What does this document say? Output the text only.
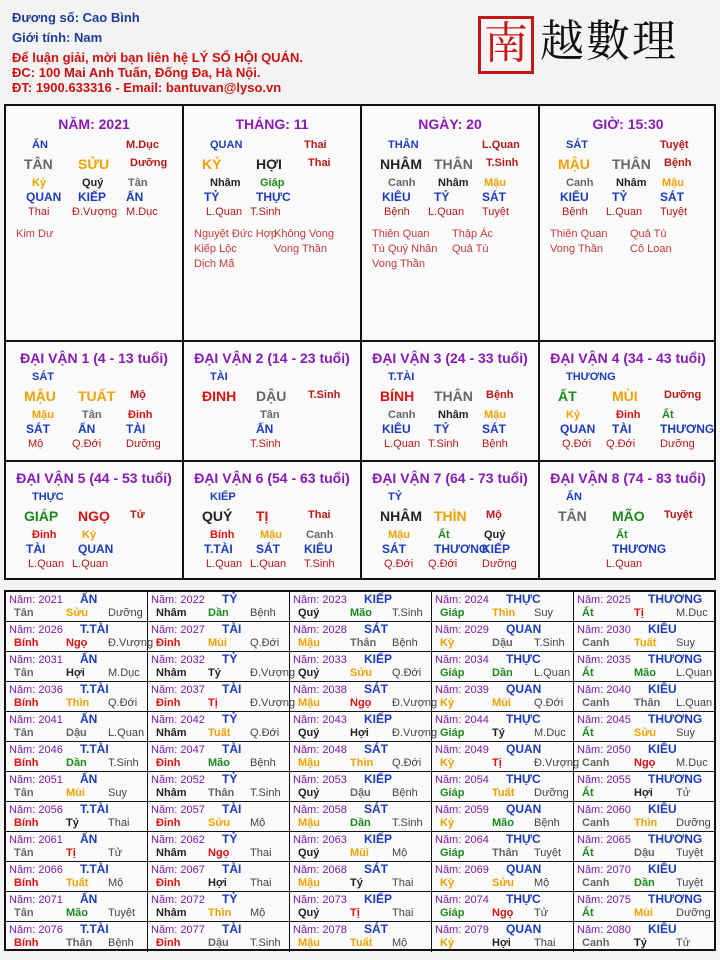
Đương số: Cao Bình
Giới tính: Nam
Để luận giải, mời bạn liên hệ LÝ SỐ HỘI QUÁN.
ĐC: 100 Mai Anh Tuấn, Đống Đa, Hà Nội.
ĐT: 1900.633316 - Email: bantuvan@lyso.vn
南 越數理
NĂM: 2021
ẤN	M.Dục
TÂN SỬU Dưỡng
Kỷ	Quý Tân
QUAN KIẾP ẤN
Thai Đ.Vượng M.Dục
Kim Dư
THÁNG: 11
QUAN	Thai
KỶ HỢI Thai
Nhâm Giáp
TỶ	THỰC
L.Quan T.Sinh
Nguyệt Đức Hợp
Không Vong
Kiếp Lộc	Vong Thần
Dịch Mã
NGÀY: 20
THÂN	L.Quan
NHÂM THÂN T.Sinh
Canh Nhâm Mậu
KIÊU TỶ	SÁT
Bệnh L.Quan Tuyệt
Thiên Quan Thập Ác
Tú Quý Nhân Quả Tú
Vong Thần
GIỜ: 15:30
SÁT	Tuyệt
MẬU THÂN Bệnh
Canh Nhâm Mậu
KIÊU TỶ	SÁT
Bệnh L.Quan Tuyệt
Thiên Quan Quả Tú
Vong Thần Cô Loan
ĐẠI VẬN 1 (4 - 13 tuổi)
SÁT
MẬU TUẤT Mộ
Mậu	Tân Đinh
SÁT ẤN	TÀI
Mộ	Q.Đới Dưỡng
ĐẠI VẬN 2 (14 - 23 tuổi)
TÀI
ĐINH DẬU T.Sinh
Tân
ẤN
T.Sinh
ĐẠI VẬN 3 (24 - 33 tuổi)
T.TÀI
BÍNH THÂN Bệnh
Canh Nhâm Mậu
KIÊU TỶ	SÁT
L.Quan T.Sinh Bệnh
ĐẠI VẬN 4 (34 - 43 tuổi)
THƯƠNG
ẤT	MÙI Dưỡng
Kỷ	Đinh Ất
QUAN TÀI THƯƠNG
Q.Đới Q.Đới Dưỡng
ĐẠI VẬN 5 (44 - 53 tuổi)
THỰC
GIÁP NGỌ Tử
Đinh Kỷ
TÀI	QUAN
L.Quan L.Quan
ĐẠI VẬN 6 (54 - 63 tuổi)
KIẾP
QUÝ TỊ	Thai
Bính Mậu Canh
T.TÀI SÁT KIÊU
L.Quan L.Quan T.Sinh
ĐẠI VẬN 7 (64 - 73 tuổi)
TỶ
NHÂM THÌN Mộ
Mậu	Ất	Quý
SÁT THƯƠNG
KIẾP
Q.Đới Q.Đới Dưỡng
ĐẠI VẬN 8 (74 - 83 tuổi)
ẤN
TÂN MÃO Tuyệt
Ất
THƯƠNG
L.Quan
Năm: 2021 ẤN
Tân	Sửu Dưỡng
Năm: 2022 TỶ
Nhâm Dần Bệnh
Năm: 2023 KIẾP
Quý	Mão T.Sinh
Năm: 2024 THỰC
Giáp	Thìn Suy
Năm: 2025 THƯƠNG
Ất	Tị	M.Dục
Năm: 2026 T.TÀI
Bính	Ngọ Đ.Vượng
Năm: 2027 TÀI
Đinh	Mùi Q.Đới
Năm: 2028 SÁT
Mậu	Thân Bệnh
Năm: 2029 QUAN
Kỷ	Dậu T.Sinh
Năm: 2030 KIÊU
Canh Tuất Suy
Năm: 2031 ẤN
Tân	Hợi M.Dục
Năm: 2032 TỶ
Nhâm Tý	Đ.Vượng
Năm: 2033 KIẾP
Quý	Sửu Q.Đới
Năm: 2034 THỰC
Giáp	Dần L.Quan
Năm: 2035 THƯƠNG
Ất	Mão L.Quan
Năm: 2036 T.TÀI
Bính	Thìn Q.Đới
Năm: 2037 TÀI
Đinh	Tị	Đ.Vượng
Năm: 2038 SÁT
Mậu	Ngọ Đ.Vượng
Năm: 2039 QUAN
Kỷ	Mùi Q.Đới
Năm: 2040 KIÊU
Canh Thân L.Quan
Năm: 2041 ẤN
Tân	Dậu L.Quan
Năm: 2042 TỶ
Nhâm Tuất Q.Đới
Năm: 2043 KIẾP
Quý	Hợi Đ.Vượng
Năm: 2044 THỰC
Giáp	Tý	M.Dục
Năm: 2045 THƯƠNG
Ất	Sửu Suy
Năm: 2046 T.TÀI
Bính	Dần T.Sinh
Năm: 2047 TÀI
Đinh	Mão Bệnh
Năm: 2048 SÁT
Mậu	Thìn Q.Đới
Năm: 2049 QUAN
Kỷ	Tị	Đ.Vượng
Năm: 2050 KIÊU
Canh Ngọ M.Dục
Năm: 2051 ẤN
Tân	Mùi Suy
Năm: 2052 TỶ
Nhâm Thân T.Sinh
Năm: 2053 KIẾP
Quý	Dậu Bệnh
Năm: 2054 THỰC
Giáp	Tuất Dưỡng
Năm: 2055 THƯƠNG
Ất	Hợi Tử
Năm: 2056 T.TÀI
Bính	Tý	Thai
Năm: 2057 TÀI
Đinh	Sửu Mộ
Năm: 2058 SÁT
Mậu	Dần T.Sinh
Năm: 2059 QUAN
Kỷ	Mão Bệnh
Năm: 2060 KIÊU
Canh Thìn Dưỡng
Năm: 2061 ẤN
Tân	Tị	Tử
Năm: 2062 TỶ
Nhâm Ngọ Thai
Năm: 2063 KIẾP
Quý	Mùi Mộ
Năm: 2064 THỰC
Giáp	Thân Tuyệt
Năm: 2065 THƯƠNG
Ất	Dậu Tuyệt
Năm: 2066 T.TÀI
Bính	Tuất Mộ
Năm: 2067 TÀI
Đinh	Hợi Thai
Năm: 2068 SÁT
Mậu	Tý	Thai
Năm: 2069 QUAN
Kỷ	Sửu Mộ
Năm: 2070 KIÊU
Canh Dần Tuyệt
Năm: 2071 ẤN
Tân	Mão Tuyệt
Năm: 2072 TỶ
Nhâm Thìn Mộ
Năm: 2073 KIẾP
Quý	Tị	Thai
Năm: 2074 THỰC
Giáp	Ngọ Tử
Năm: 2075 THƯƠNG
Ất	Mùi Dưỡng
Năm: 2076 T.TÀI
Bính	Thân Bệnh
Năm: 2077 TÀI
Đinh	Dậu T.Sinh
Năm: 2078 SÁT
Mậu	Tuất Mộ
Năm: 2079 QUAN
Kỷ	Hợi Thai
Năm: 2080 KIÊU
Canh Tý	Tử
